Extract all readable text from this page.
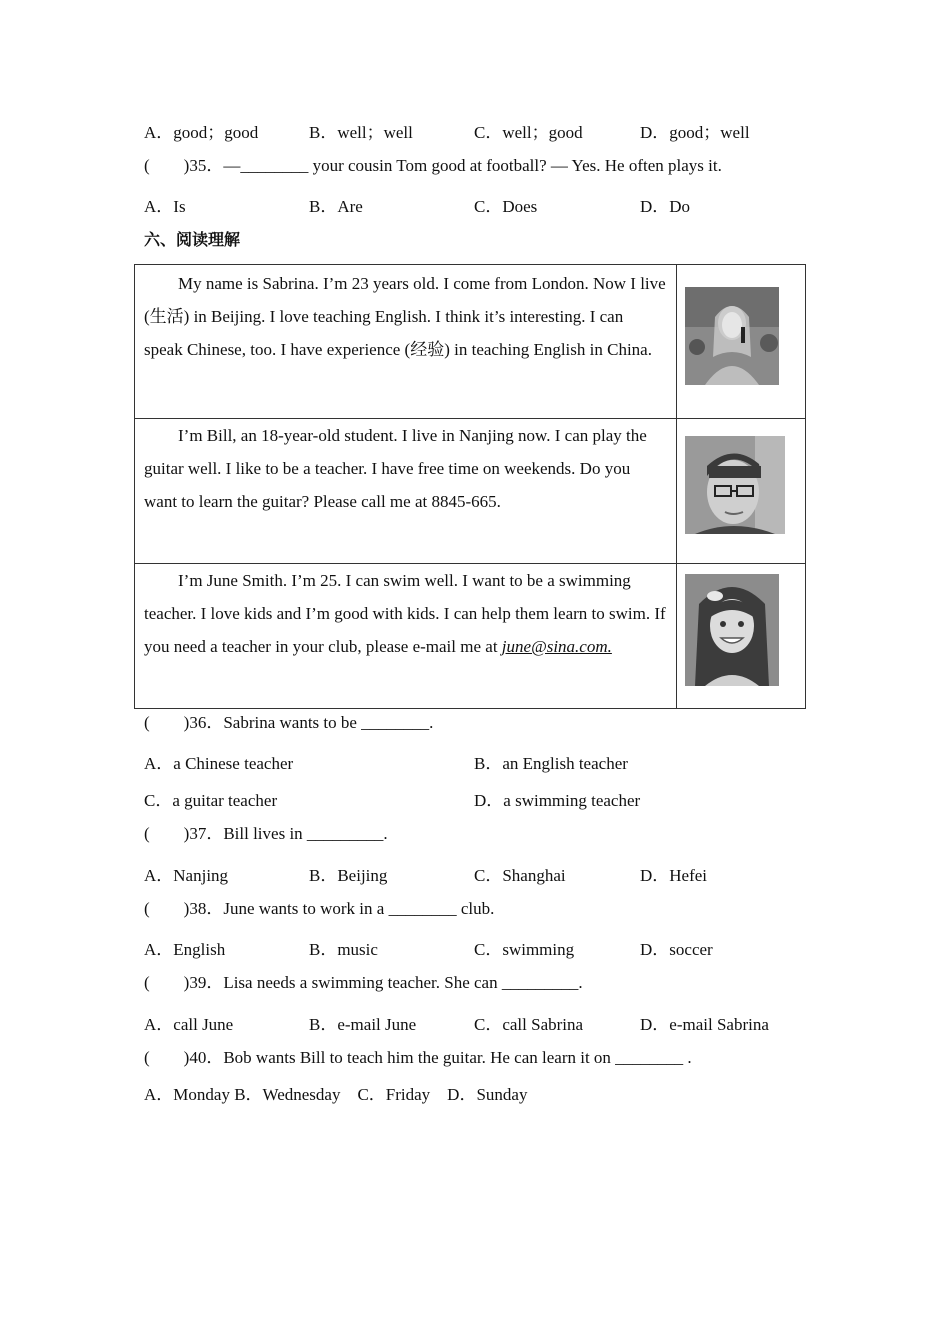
A．good；good	B．well；well	C．well；good	D．good；well
(　　)35．—________ your cousin Tom good at football? — Yes. He often plays it.
A．Is	B．Are	C．Does	D．Do
六、阅读理解

My name is Sabrina. I’m 23 years old. I come from London. Now I live (生活) in Beijing. I love teaching English. I think it’s interesting. I can speak Chinese, too. I have experience (经验) in teaching English in China.

I’m Bill, an 18-year-old student. I live in Nanjing now. I can play the guitar well. I like to be a teacher. I have free time on weekends. Do you want to learn the guitar? Please call me at 8845-665.

I’m June Smith. I’m 25. I can swim well. I want to be a swimming teacher. I love kids and I’m good with kids. I can help them learn to swim. If you need a teacher in your club, please e-mail me at june@sina.com.

(　　)36．Sabrina wants to be ________.
A．a Chinese teacher	B．an English teacher
C．a guitar teacher	D．a swimming teacher
(　　)37．Bill lives in _________.
A．Nanjing	B．Beijing	C．Shanghai	D．Hefei
(　　)38．June wants to work in a ________ club.
A．English	B．music	C．swimming	D．soccer
(　　)39．Lisa needs a swimming teacher. She can _________.
A．call June	B．e-mail June	C．call Sabrina	D．e-mail Sabrina
(　　)40．Bob wants Bill to teach him the guitar. He can learn it on ________ .
A．Monday B．Wednesday　C．Friday　D．Sunday
